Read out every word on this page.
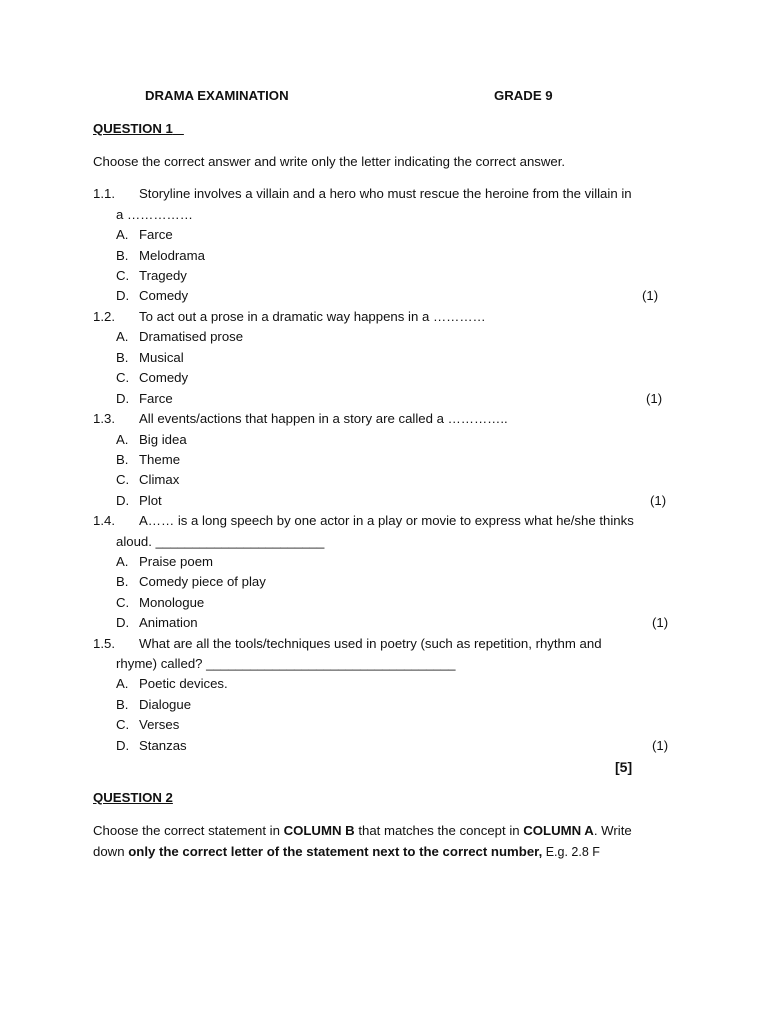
DRAMA EXAMINATION	GRADE 9
QUESTION 1
Choose the correct answer and write only the letter indicating the correct answer.
1.1. Storyline involves a villain and a hero who must rescue the heroine from the villain in
a ……………
A. Farce
B. Melodrama
C. Tragedy
D. Comedy	(1)
1.2. To act out a prose in a dramatic way happens in a …………
A. Dramatised prose
B. Musical
C. Comedy
D. Farce	(1)
1.3. All events/actions that happen in a story are called a …………..
A. Big idea
B. Theme
C. Climax
D. Plot	(1)
1.4. A…… is a long speech by one actor in a play or movie to express what he/she thinks
aloud. _______________________
A. Praise poem
B. Comedy piece of play
C. Monologue
D. Animation	(1)
1.5. What are all the tools/techniques used in poetry (such as repetition, rhythm and
rhyme) called? __________________________________
A. Poetic devices.
B. Dialogue
C. Verses
D. Stanzas	(1)
[5]
QUESTION 2
Choose the correct statement in COLUMN B that matches the concept in COLUMN A. Write
down only the correct letter of the statement next to the correct number, E.g. 2.8 F
